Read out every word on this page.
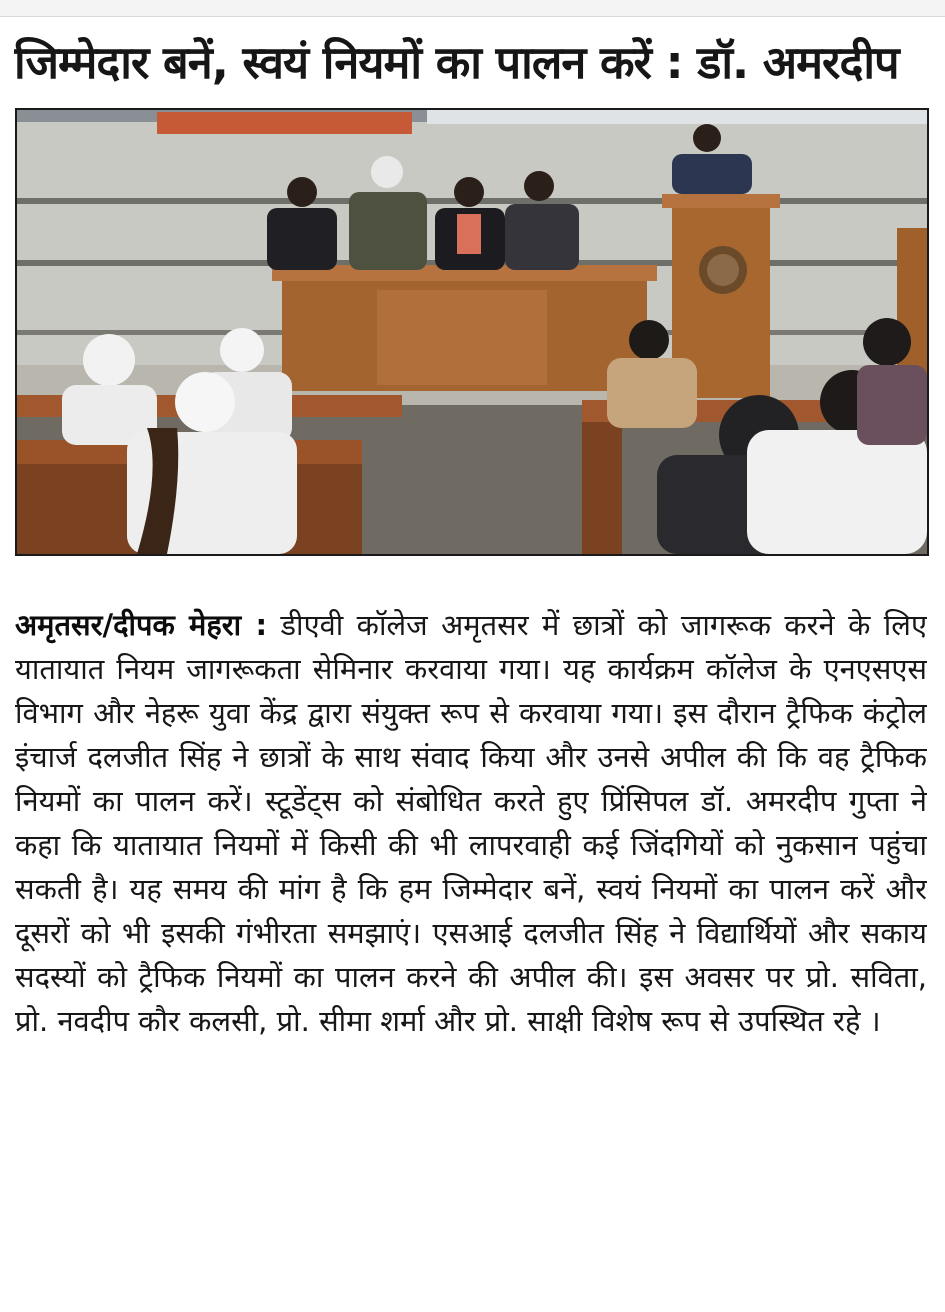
जिम्मेदार बनें, स्वयं नियमों का पालन करें : डॉ. अमरदीप

अमृतसर/दीपक मेहरा : डीएवी कॉलेज अमृतसर में छात्रों को जागरूक करने के लिए यातायात नियम जागरूकता सेमिनार करवाया गया। यह कार्यक्रम कॉलेज के एनएसएस विभाग और नेहरू युवा केंद्र द्वारा संयुक्त रूप से करवाया गया। इस दौरान ट्रैफिक कंट्रोल इंचार्ज दलजीत सिंह ने छात्रों के साथ संवाद किया और उनसे अपील की कि वह ट्रैफिक नियमों का पालन करें। स्टूडेंट्स को संबोधित करते हुए प्रिंसिपल डॉ. अमरदीप गुप्ता ने कहा कि यातायात नियमों में किसी की भी लापरवाही कई जिंदगियों को नुकसान पहुंचा सकती है। यह समय की मांग है कि हम जिम्मेदार बनें, स्वयं नियमों का पालन करें और दूसरों को भी इसकी गंभीरता समझाएं। एसआई दलजीत सिंह ने विद्यार्थियों और सकाय सदस्यों को ट्रैफिक नियमों का पालन करने की अपील की। इस अवसर पर प्रो. सविता, प्रो. नवदीप कौर कलसी, प्रो. सीमा शर्मा और प्रो. साक्षी विशेष रूप से उपस्थित रहे ।
